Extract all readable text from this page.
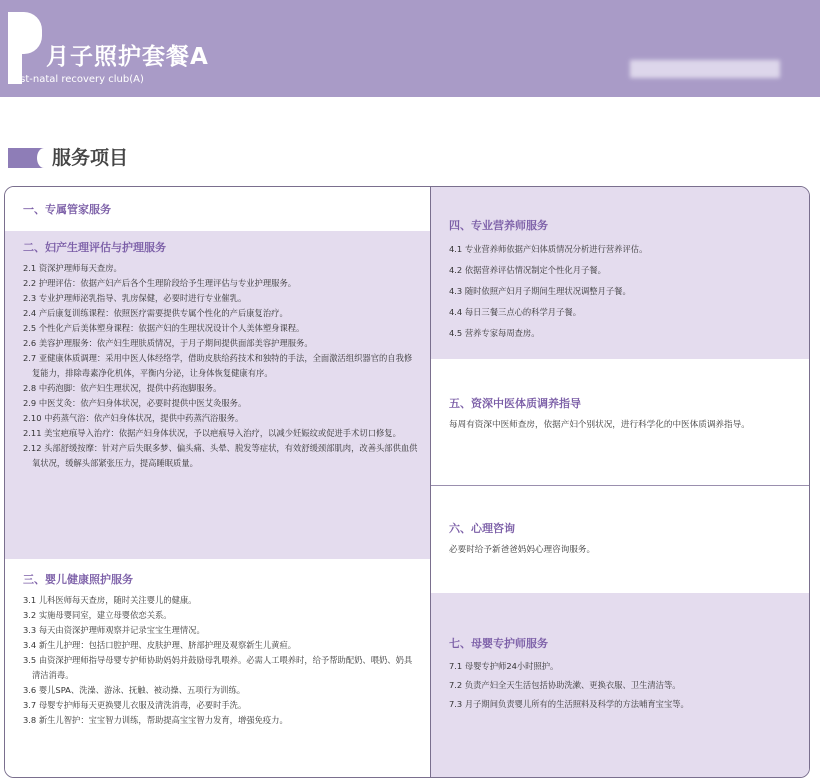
月子照护套餐A
ost-natal recovery club(A)
服务项目
一、专属管家服务
二、妇产生理评估与护理服务
2.1 资深护理师每天查房。
2.2 护理评估：依据产妇产后各个生理阶段给予生理评估与专业护理服务。
2.3 专业护理师泌乳指导、乳房保健，必要时进行专业催乳。
2.4 产后康复训练课程：依照医疗需要提供专属个性化的产后康复治疗。
2.5 个性化产后美体塑身课程：依据产妇的生理状况设计个人美体塑身课程。
2.6 美容护理服务：依产妇生理肤质情况，于月子期间提供面部美容护理服务。
2.7 亚健康体质调理：采用中医人体经络学，借助皮肤给药技术和独特的手法，全面激活组织器官的自我修复能力，排除毒素净化机体，平衡内分泌，让身体恢复健康有序。
2.8 中药泡脚：依产妇生理状况，提供中药泡脚服务。
2.9 中医艾灸：依产妇身体状况，必要时提供中医艾灸服务。
2.10 中药蒸气浴：依产妇身体状况，提供中药蒸汽浴服务。
2.11 美宝疤痕导入治疗：依据产妇身体状况，予以疤痕导入治疗，以减少妊娠纹或促进手术切口修复。
2.12 头部舒缓按摩：针对产后失眠多梦、偏头痛、头晕、脱发等症状，有效舒缓颈部肌肉，改善头部供血供氧状况，缓解头部紧张压力，提高睡眠质量。
三、婴儿健康照护服务
3.1 儿科医师每天查房，随时关注婴儿的健康。
3.2 实施母婴同室，建立母婴依恋关系。
3.3 每天由资深护理师观察并记录宝宝生理情况。
3.4 新生儿护理：包括口腔护理、皮肤护理、脐部护理及观察新生儿黄疸。
3.5 由资深护理师指导母婴专护师协助妈妈并鼓励母乳喂养。必需人工喂养时，给予帮助配奶、喂奶、奶具清洁消毒。
3.6 婴儿SPA、洗澡、游泳、抚触、被动操、五项行为训练。
3.7 母婴专护师每天更换婴儿衣服及清洗消毒，必要时手洗。
3.8 新生儿智护：宝宝智力训练，帮助提高宝宝智力发育，增强免疫力。
四、专业营养师服务
4.1 专业营养师依据产妇体质情况分析进行营养评估。
4.2 依据营养评估情况制定个性化月子餐。
4.3 随时依照产妇月子期间生理状况调整月子餐。
4.4 每日三餐三点心的科学月子餐。
4.5 营养专家每周查房。
五、资深中医体质调养指导
每周有资深中医师查房，依据产妇个别状况，进行科学化的中医体质调养指导。
六、心理咨询
必要时给予新爸爸妈妈心理咨询服务。
七、母婴专护师服务
7.1 母婴专护师24小时照护。
7.2 负责产妇全天生活包括协助洗漱、更换衣服、卫生清洁等。
7.3 月子期间负责婴儿所有的生活照料及科学的方法哺育宝宝等。
